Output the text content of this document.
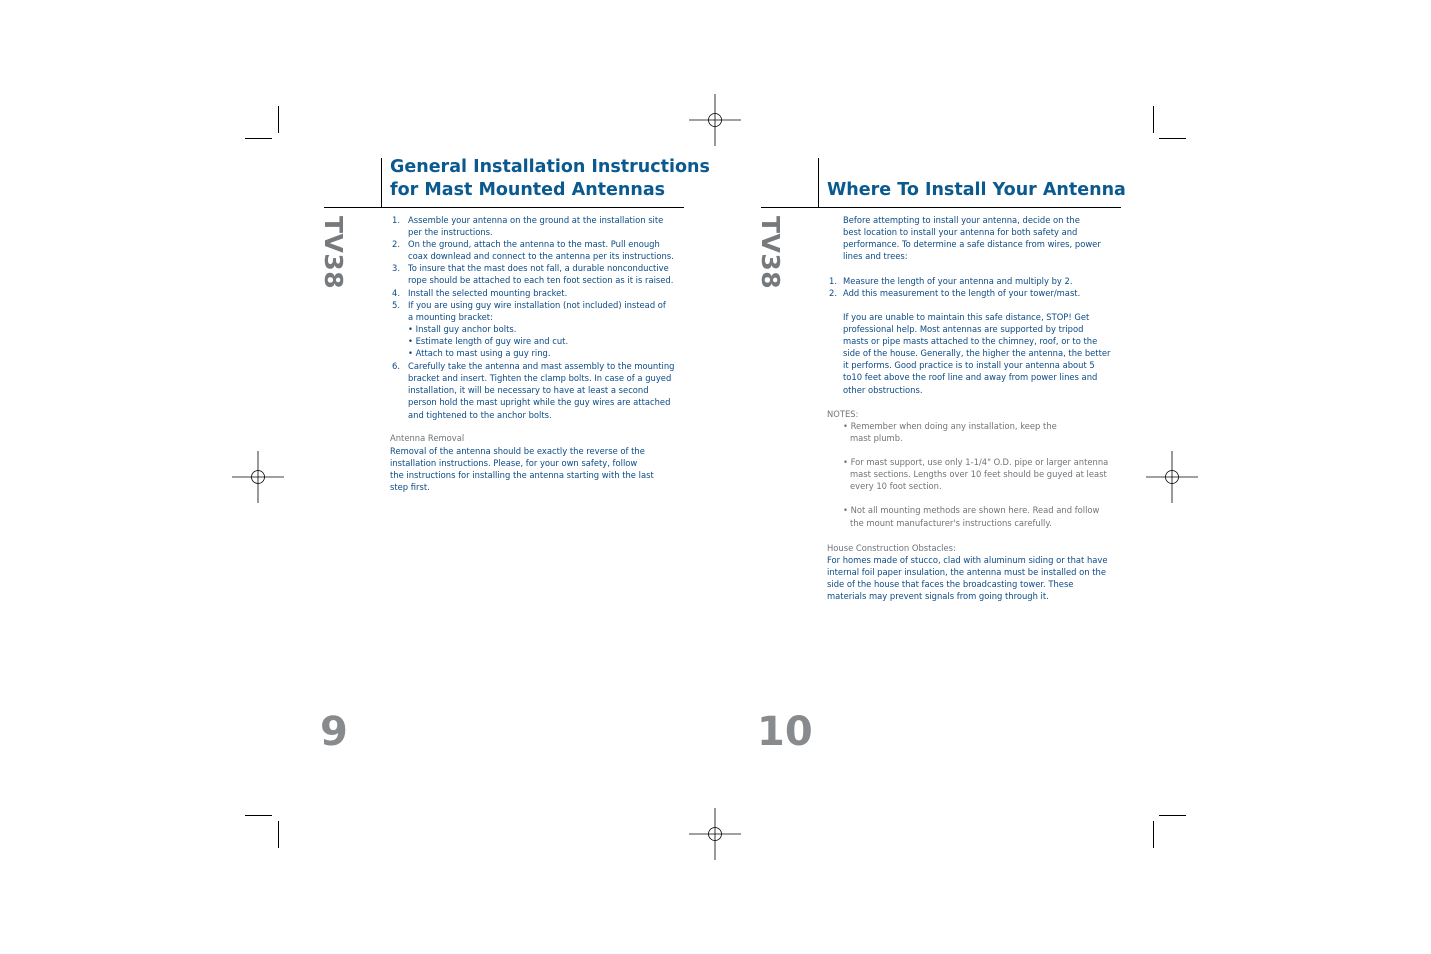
General Installation Instructions
for Mast Mounted Antennas
TV38	1. Assemble your antenna on the ground at the installation site
per the instructions.
2. On the ground, attach the antenna to the mast. Pull enough
coax downlead and connect to the antenna per its instructions.
3. To insure that the mast does not fall, a durable nonconductive
rope should be attached to each ten foot section as it is raised.
4. Install the selected mounting bracket.
5. If you are using guy wire installation (not included) instead of
a mounting bracket:
• Install guy anchor bolts.
• Estimate length of guy wire and cut.
• Attach to mast using a guy ring.
6. Carefully take the antenna and mast assembly to the mounting
bracket and insert. Tighten the clamp bolts. In case of a guyed
installation, it will be necessary to have at least a second
person hold the mast upright while the guy wires are attached
and tightened to the anchor bolts.
Antenna Removal
Removal of the antenna should be exactly the reverse of the
installation instructions. Please, for your own safety, follow
the instructions for installing the antenna starting with the last
step first.
9
Where To Install Your Antenna
TV38	Before attempting to install your antenna, decide on the
best location to install your antenna for both safety and
performance. To determine a safe distance from wires, power
lines and trees:
1. Measure the length of your antenna and multiply by 2.
2. Add this measurement to the length of your tower/mast.
If you are unable to maintain this safe distance, STOP! Get
professional help. Most antennas are supported by tripod
masts or pipe masts attached to the chimney, roof, or to the
side of the house. Generally, the higher the antenna, the better
it performs. Good practice is to install your antenna about 5
to10 feet above the roof line and away from power lines and
other obstructions.
NOTES:
• Remember when doing any installation, keep the
mast plumb.
• For mast support, use only 1-1/4" O.D. pipe or larger antenna
mast sections. Lengths over 10 feet should be guyed at least
every 10 foot section.
• Not all mounting methods are shown here. Read and follow
the mount manufacturer's instructions carefully.
House Construction Obstacles:
For homes made of stucco, clad with aluminum siding or that have
internal foil paper insulation, the antenna must be installed on the
side of the house that faces the broadcasting tower. These
materials may prevent signals from going through it.
10
